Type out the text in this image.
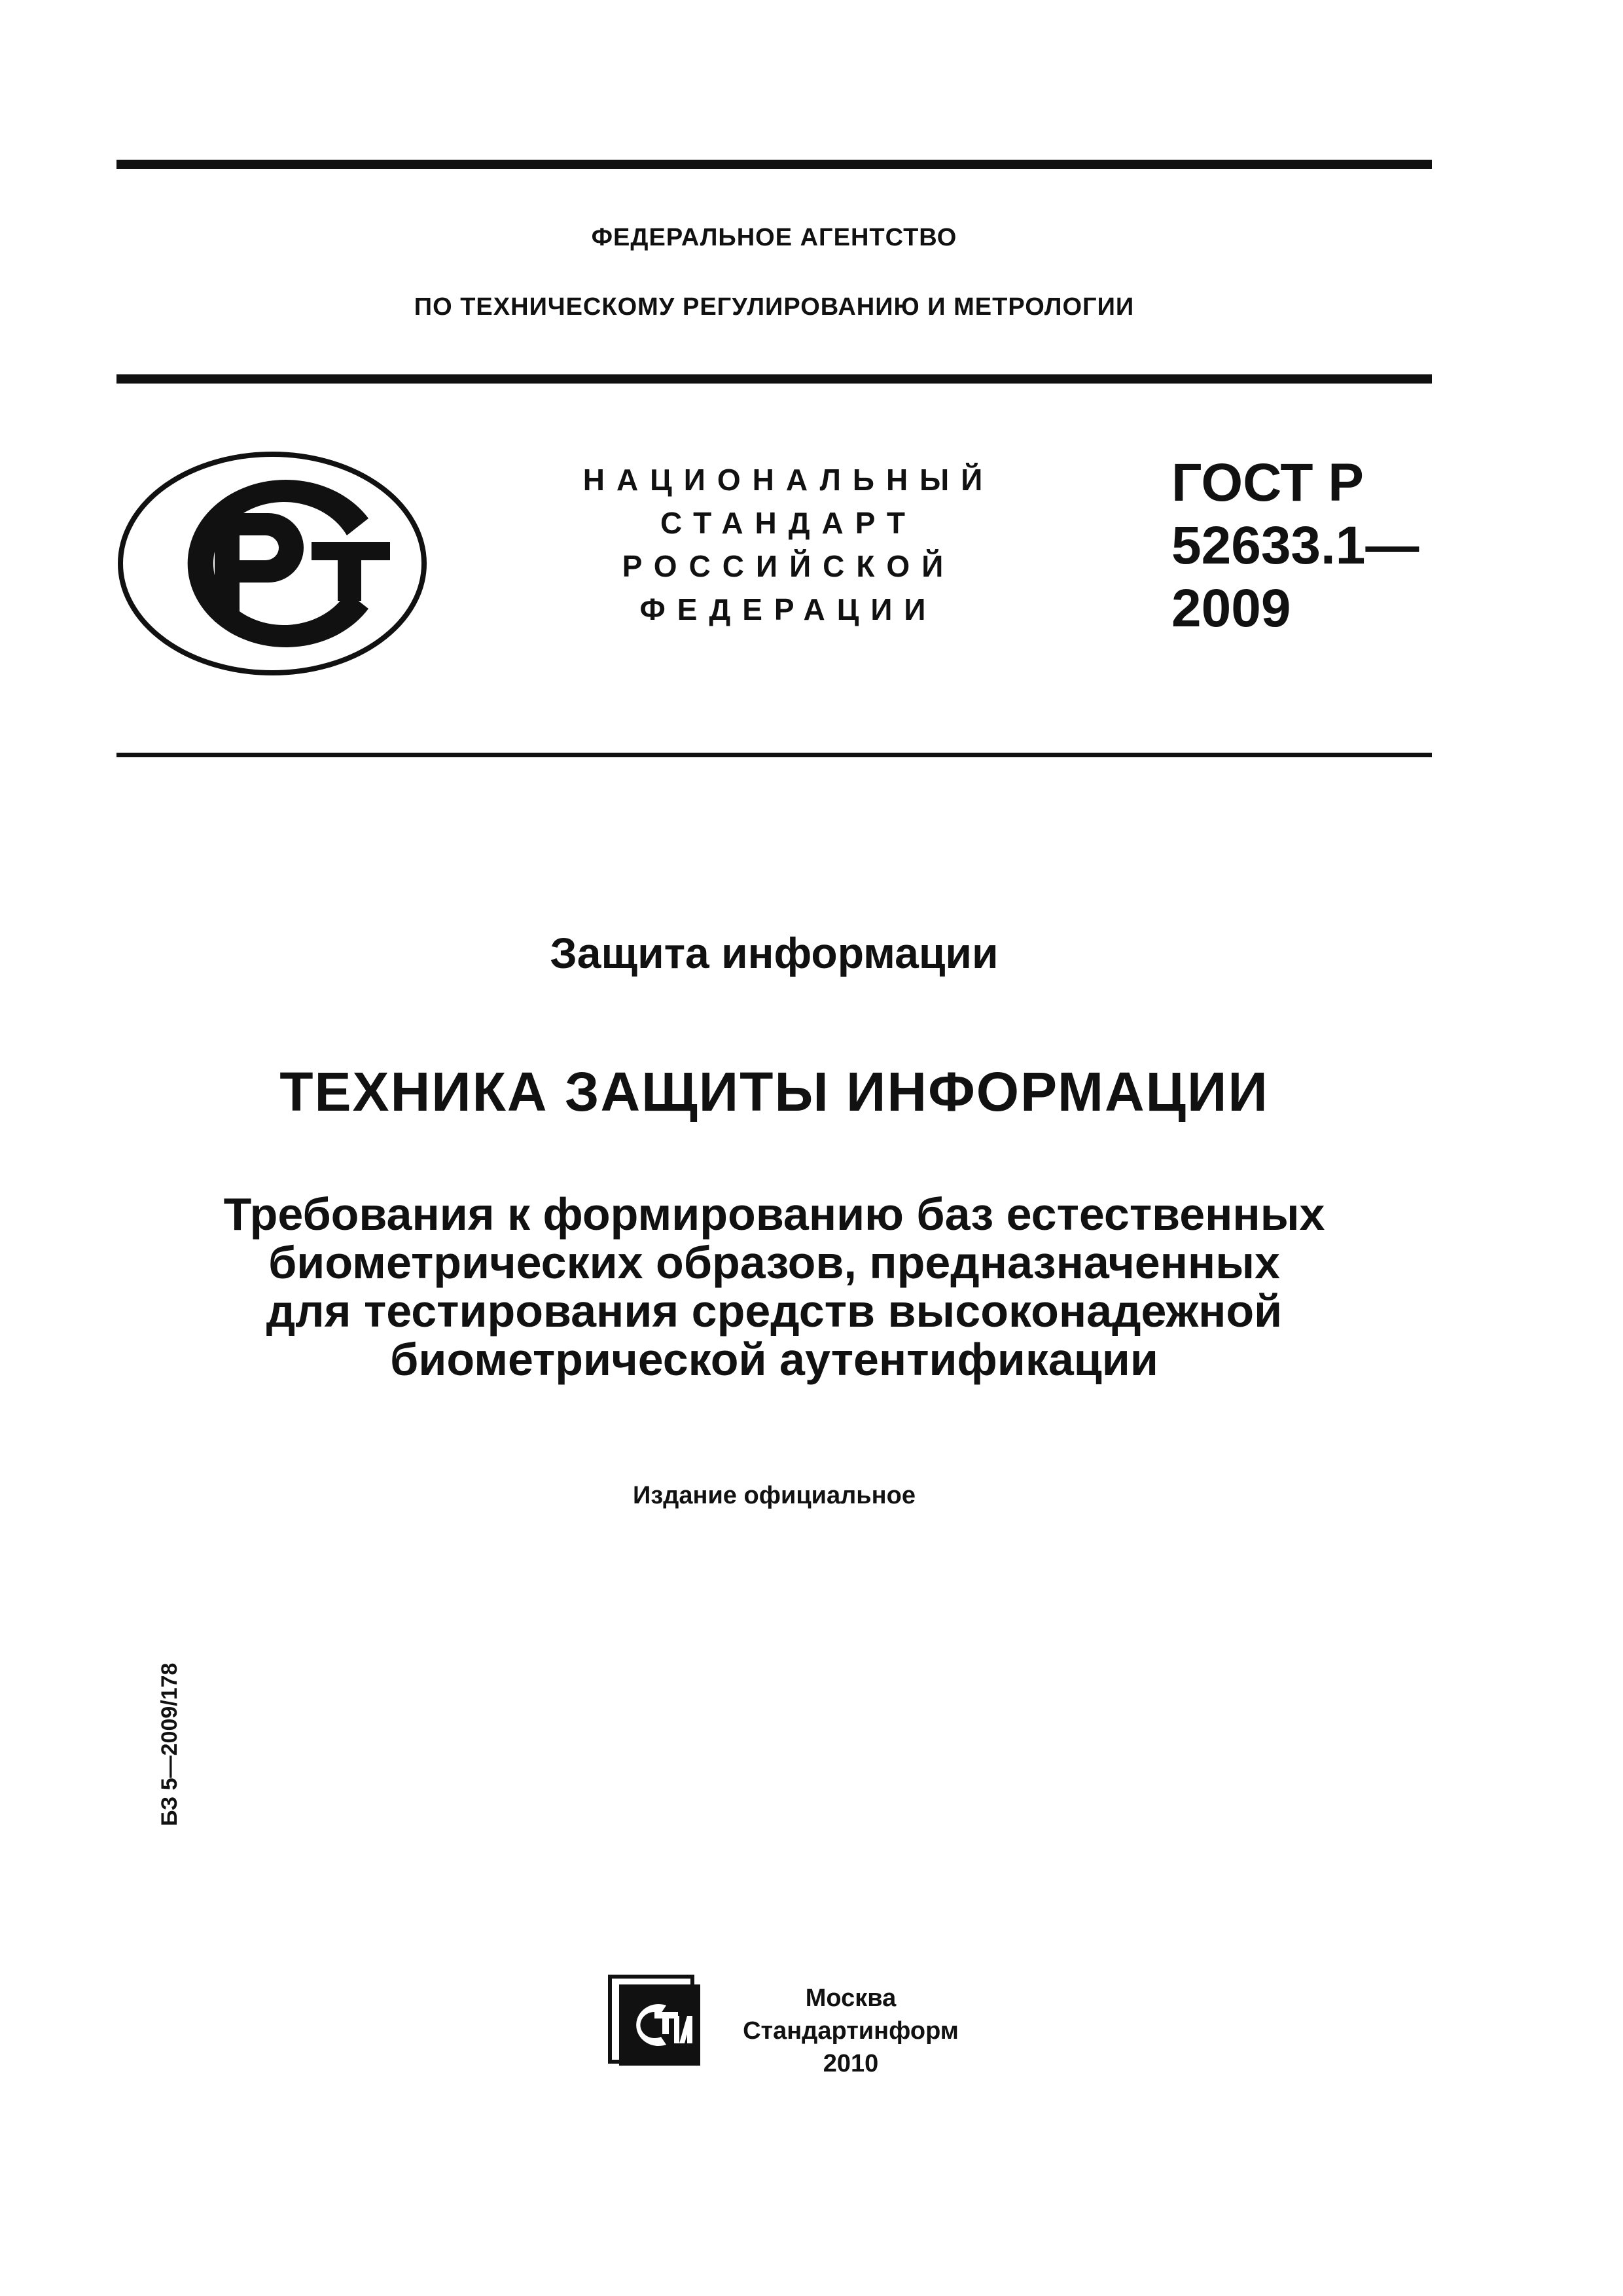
ФЕДЕРАЛЬНОЕ АГЕНТСТВО
ПО ТЕХНИЧЕСКОМУ РЕГУЛИРОВАНИЮ И МЕТРОЛОГИИ
НАЦИОНАЛЬНЫЙ
СТАНДАРТ
РОССИЙСКОЙ
ФЕДЕРАЦИИ
ГОСТ Р
52633.1—
2009
Защита информации
ТЕХНИКА ЗАЩИТЫ ИНФОРМАЦИИ
Требования к формированию баз естественных
биометрических образов, предназначенных
для тестирования средств высоконадежной
биометрической аутентификации
Издание официальное
БЗ 5—2009/178
Москва
Стандартинформ
2010
